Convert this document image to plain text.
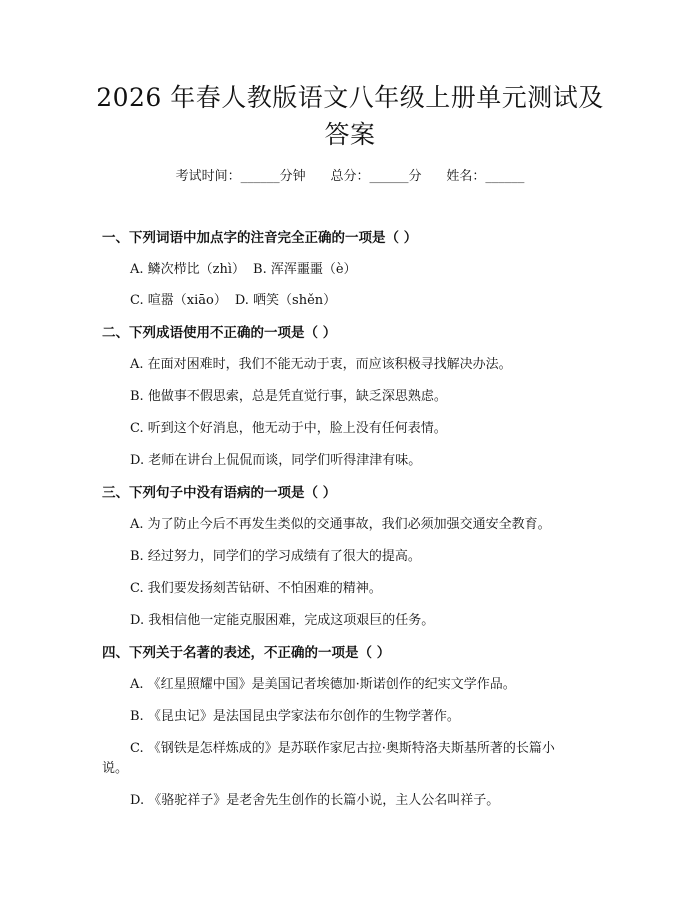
2026 年春人教版语文八年级上册单元测试及
答案
考试时间：______分钟 总分：______分 姓名：______
一、下列词语中加点字的注音完全正确的一项是（ ）
A. 鳞次栉比（zhì） B. 浑浑噩噩（è）
C. 喧嚣（xiāo） D. 哂笑（shěn）
二、下列成语使用不正确的一项是（ ）
A. 在面对困难时，我们不能无动于衷，而应该积极寻找解决办法。
B. 他做事不假思索，总是凭直觉行事，缺乏深思熟虑。
C. 听到这个好消息，他无动于中，脸上没有任何表情。
D. 老师在讲台上侃侃而谈，同学们听得津津有味。
三、下列句子中没有语病的一项是（ ）
A. 为了防止今后不再发生类似的交通事故，我们必须加强交通安全教育。
B. 经过努力，同学们的学习成绩有了很大的提高。
C. 我们要发扬刻苦钻研、不怕困难的精神。
D. 我相信他一定能克服困难，完成这项艰巨的任务。
四、下列关于名著的表述，不正确的一项是（ ）
A. 《红星照耀中国》是美国记者埃德加·斯诺创作的纪实文学作品。
B. 《昆虫记》是法国昆虫学家法布尔创作的生物学著作。
C. 《钢铁是怎样炼成的》是苏联作家尼古拉·奥斯特洛夫斯基所著的长篇小
说。
D. 《骆驼祥子》是老舍先生创作的长篇小说，主人公名叫祥子。
